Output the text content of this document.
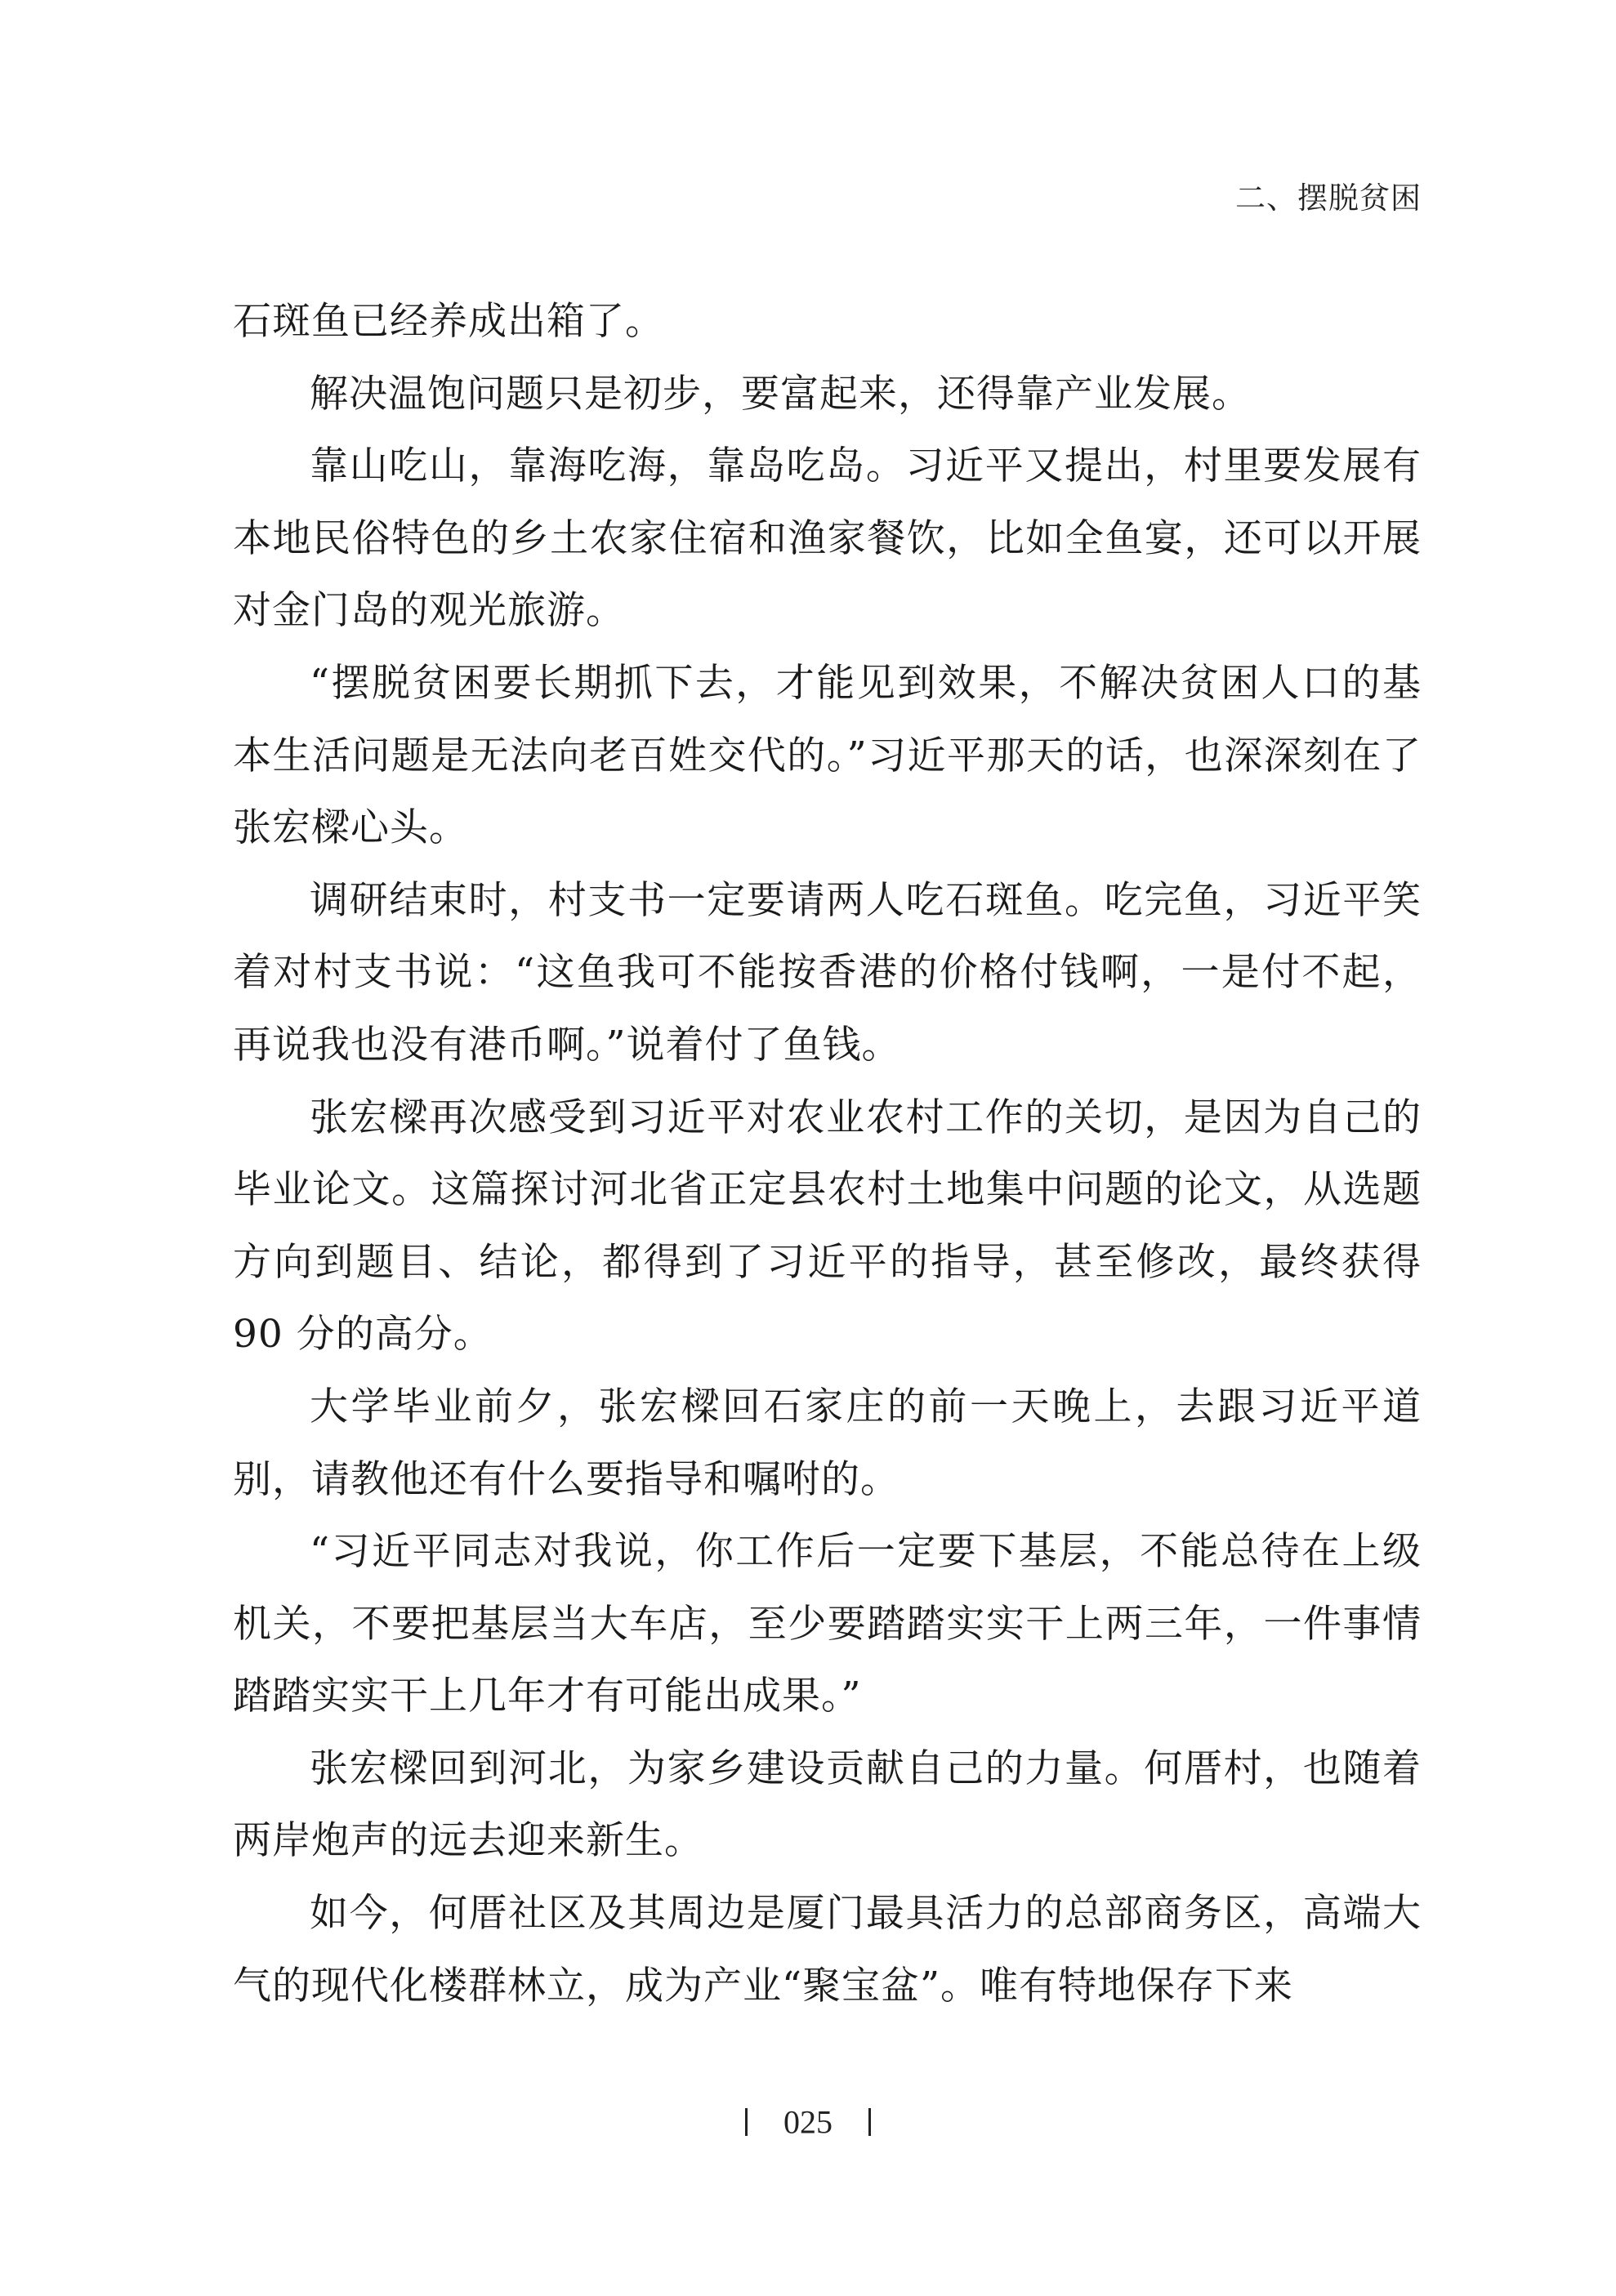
二、摆脱贫困

石斑鱼已经养成出箱了。

解决温饱问题只是初步，要富起来，还得靠产业发展。

靠山吃山，靠海吃海，靠岛吃岛。习近平又提出，村里要发展有本地民俗特色的乡土农家住宿和渔家餐饮，比如全鱼宴，还可以开展对金门岛的观光旅游。

“摆脱贫困要长期抓下去，才能见到效果，不解决贫困人口的基本生活问题是无法向老百姓交代的。”习近平那天的话，也深深刻在了张宏樑心头。

调研结束时，村支书一定要请两人吃石斑鱼。吃完鱼，习近平笑着对村支书说：“这鱼我可不能按香港的价格付钱啊，一是付不起，再说我也没有港币啊。”说着付了鱼钱。

张宏樑再次感受到习近平对农业农村工作的关切，是因为自己的毕业论文。这篇探讨河北省正定县农村土地集中问题的论文，从选题方向到题目、结论，都得到了习近平的指导，甚至修改，最终获得 90 分的高分。

大学毕业前夕，张宏樑回石家庄的前一天晚上，去跟习近平道别，请教他还有什么要指导和嘱咐的。

“习近平同志对我说，你工作后一定要下基层，不能总待在上级机关，不要把基层当大车店，至少要踏踏实实干上两三年，一件事情踏踏实实干上几年才有可能出成果。”

张宏樑回到河北，为家乡建设贡献自己的力量。何厝村，也随着两岸炮声的远去迎来新生。

如今，何厝社区及其周边是厦门最具活力的总部商务区，高端大气的现代化楼群林立，成为产业“聚宝盆”。唯有特地保存下来

025
